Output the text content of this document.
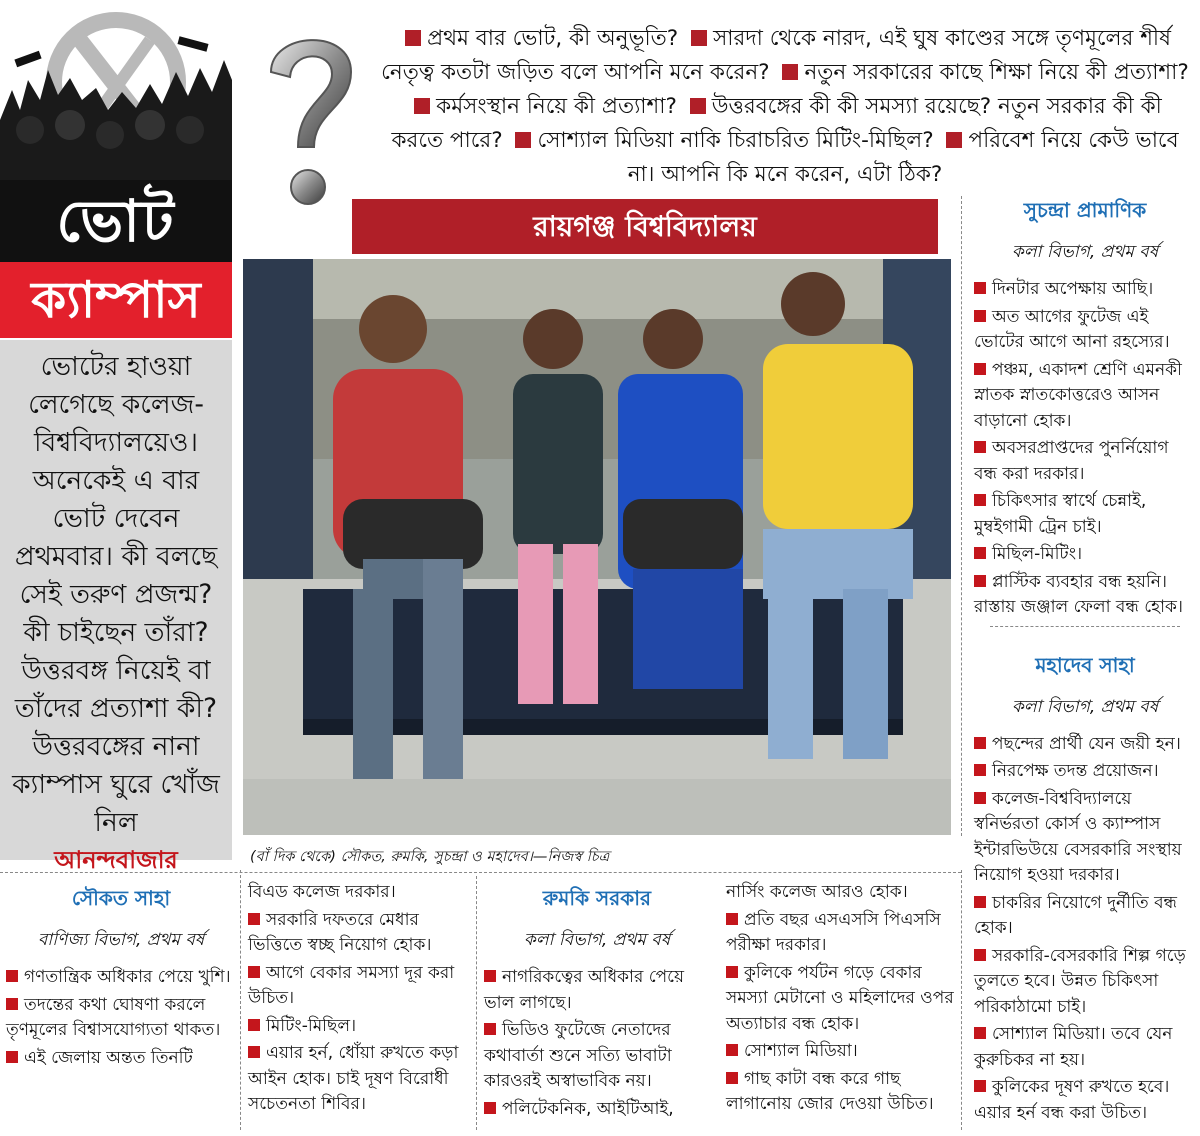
ভোট
ক্যাম্পাস

ভোটের হাওয়া লেগেছে কলেজ-বিশ্ববিদ্যালয়েও। অনেকেই এ বার ভোট দেবেন প্রথমবার। কী বলছে সেই তরুণ প্রজন্ম? কী চাইছেন তাঁরা? উত্তরবঙ্গ নিয়েই বা তাঁদের প্রত্যাশা কী? উত্তরবঙ্গের নানা ক্যাম্পাস ঘুরে খোঁজ নিল

আনন্দবাজার
প্রথম বার ভোট, কী অনুভূতি? সারদা থেকে নারদ, এই ঘুষ কাণ্ডের সঙ্গে তৃণমূলের শীর্ষ নেতৃত্ব কতটা জড়িত বলে আপনি মনে করেন? নতুন সরকারের কাছে শিক্ষা নিয়ে কী প্রত্যাশা? কর্মসংস্থান নিয়ে কী প্রত্যাশা? উত্তরবঙ্গের কী কী সমস্যা রয়েছে? নতুন সরকার কী কী করতে পারে? সোশ্যাল মিডিয়া নাকি চিরাচরিত মিটিং-মিছিল? পরিবেশ নিয়ে কেউ ভাবে না। আপনি কি মনে করেন, এটা ঠিক?
রায়গঞ্জ বিশ্ববিদ্যালয়
(বাঁ দিক থেকে) সৌকত, রুমকি, সুচন্দ্রা ও মহাদেব।—নিজস্ব চিত্র
সুচন্দ্রা প্রামাণিক
কলা বিভাগ, প্রথম বর্ষ
দিনটার অপেক্ষায় আছি।
অত আগের ফুটেজ এই ভোটের আগে আনা রহস্যের।
পঞ্চম, একাদশ শ্রেণি এমনকী স্নাতক স্নাতকোত্তরেও আসন বাড়ানো হোক।
অবসরপ্রাপ্তদের পুনর্নিয়োগ বন্ধ করা দরকার।
চিকিৎসার স্বার্থে চেন্নাই, মুম্বইগামী ট্রেন চাই।
মিছিল-মিটিং।
প্লাস্টিক ব্যবহার বন্ধ হয়নি। রাস্তায় জঞ্জাল ফেলা বন্ধ হোক।
মহাদেব সাহা
কলা বিভাগ, প্রথম বর্ষ
পছন্দের প্রার্থী যেন জয়ী হন।
নিরপেক্ষ তদন্ত প্রয়োজন।
কলেজ-বিশ্ববিদ্যালয়ে স্বনির্ভরতা কোর্স ও ক্যাম্পাস ইন্টারভিউয়ে বেসরকারি সংস্থায় নিয়োগ হওয়া দরকার।
চাকরির নিয়োগে দুর্নীতি বন্ধ হোক।
সরকারি-বেসরকারি শিল্প গড়ে তুলতে হবে। উন্নত চিকিৎসা পরিকাঠামো চাই।
সোশ্যাল মিডিয়া। তবে যেন কুরুচিকর না হয়।
কুলিকের দূষণ রুখতে হবে। এয়ার হর্ন বন্ধ করা উচিত।
সৌকত সাহা
বাণিজ্য বিভাগ, প্রথম বর্ষ
গণতান্ত্রিক অধিকার পেয়ে খুশি।
তদন্তের কথা ঘোষণা করলে তৃণমূলের বিশ্বাসযোগ্যতা থাকত।
এই জেলায় অন্তত তিনটি
বিএড কলেজ দরকার।
সরকারি দফতরে মেধার ভিত্তিতে স্বচ্ছ নিয়োগ হোক।
আগে বেকার সমস্যা দূর করা উচিত।
মিটিং-মিছিল।
এয়ার হর্ন, ধোঁয়া রুখতে কড়া আইন হোক। চাই দূষণ বিরোধী সচেতনতা শিবির।
রুমকি সরকার
কলা বিভাগ, প্রথম বর্ষ
নাগরিকত্বের অধিকার পেয়ে ভাল লাগছে।
ভিডিও ফুটেজে নেতাদের কথাবার্তা শুনে সত্যি ভাবাটা কারওরই অস্বাভাবিক নয়।
পলিটেকনিক, আইটিআই,
নার্সিং কলেজ আরও হোক।
প্রতি বছর এসএসসি পিএসসি পরীক্ষা দরকার।
কুলিকে পর্যটন গড়ে বেকার সমস্যা মেটানো ও মহিলাদের ওপর অত্যাচার বন্ধ হোক।
সোশ্যাল মিডিয়া।
গাছ কাটা বন্ধ করে গাছ লাগানোয় জোর দেওয়া উচিত।
